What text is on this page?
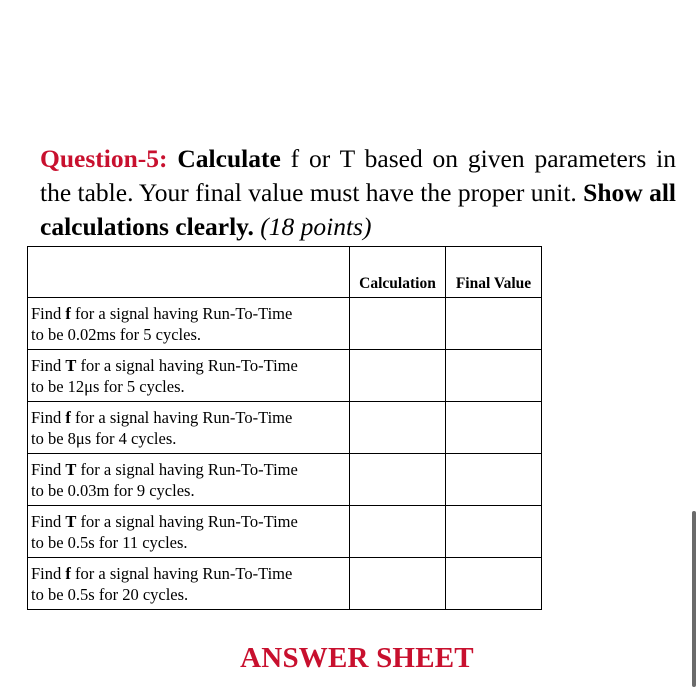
Question-5: Calculate f or T based on given parameters in the table. Your final value must have the proper unit. Show all calculations clearly. (18 points)
	Calculation	Final Value
Find f for a signal having Run-To-Time
to be 0.02ms for 5 cycles.		
Find T for a signal having Run-To-Time
to be 12μs for 5 cycles.		
Find f for a signal having Run-To-Time
to be 8μs for 4 cycles.		
Find T for a signal having Run-To-Time
to be 0.03m for 9 cycles.		
Find T for a signal having Run-To-Time
to be 0.5s for 11 cycles.		
Find f for a signal having Run-To-Time
to be 0.5s for 20 cycles.		
ANSWER SHEET
